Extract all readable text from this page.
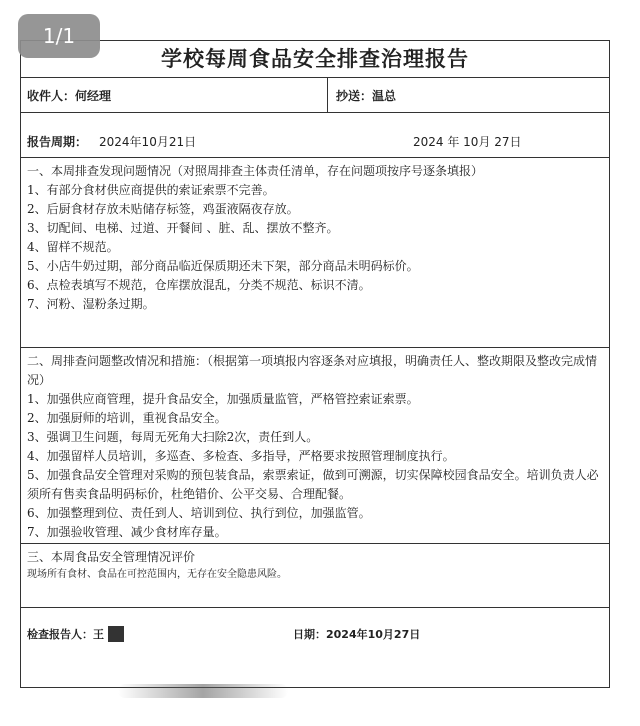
1/1
学校每周食品安全排查治理报告
收件人：何经理	抄送：温总
报告周期： 2024年10月21日	2024 年 10月 27日

一、本周排查发现问题情况（对照周排查主体责任清单，存在问题项按序号逐条填报）

1、有部分食材供应商提供的索证索票不完善。

2、后厨食材存放未贴储存标签，鸡蛋液隔夜存放。

3、切配间、电梯、过道、开餐间 、脏、乱、摆放不整齐。

4、留样不规范。

5、小店牛奶过期，部分商品临近保质期还未下架，部分商品未明码标价。

6、点检表填写不规范，仓库摆放混乱，分类不规范、标识不清。

7、河粉、湿粉条过期。

二、周排查问题整改情况和措施：（根据第一项填报内容逐条对应填报，明确责任人、整改期限及整改完成情况）

1、加强供应商管理，提升食品安全，加强质量监管，严格管控索证索票。

2、加强厨师的培训，重视食品安全。

3、强调卫生问题，每周无死角大扫除2次，责任到人。

4、加强留样人员培训，多巡查、多检查、多指导，严格要求按照管理制度执行。

5、加强食品安全管理对采购的预包装食品，索票索证，做到可溯源，切实保障校园食品安全。培训负责人必须所有售卖食品明码标价，杜绝错价、公平交易、合理配餐。

6、加强整理到位、责任到人、培训到位、执行到位，加强监管。

7、加强验收管理、减少食材库存量。

三、本周食品安全管理情况评价

现场所有食材、食品在可控范围内，无存在安全隐患风险。

检查报告人：王	日期：2024年10月27日
